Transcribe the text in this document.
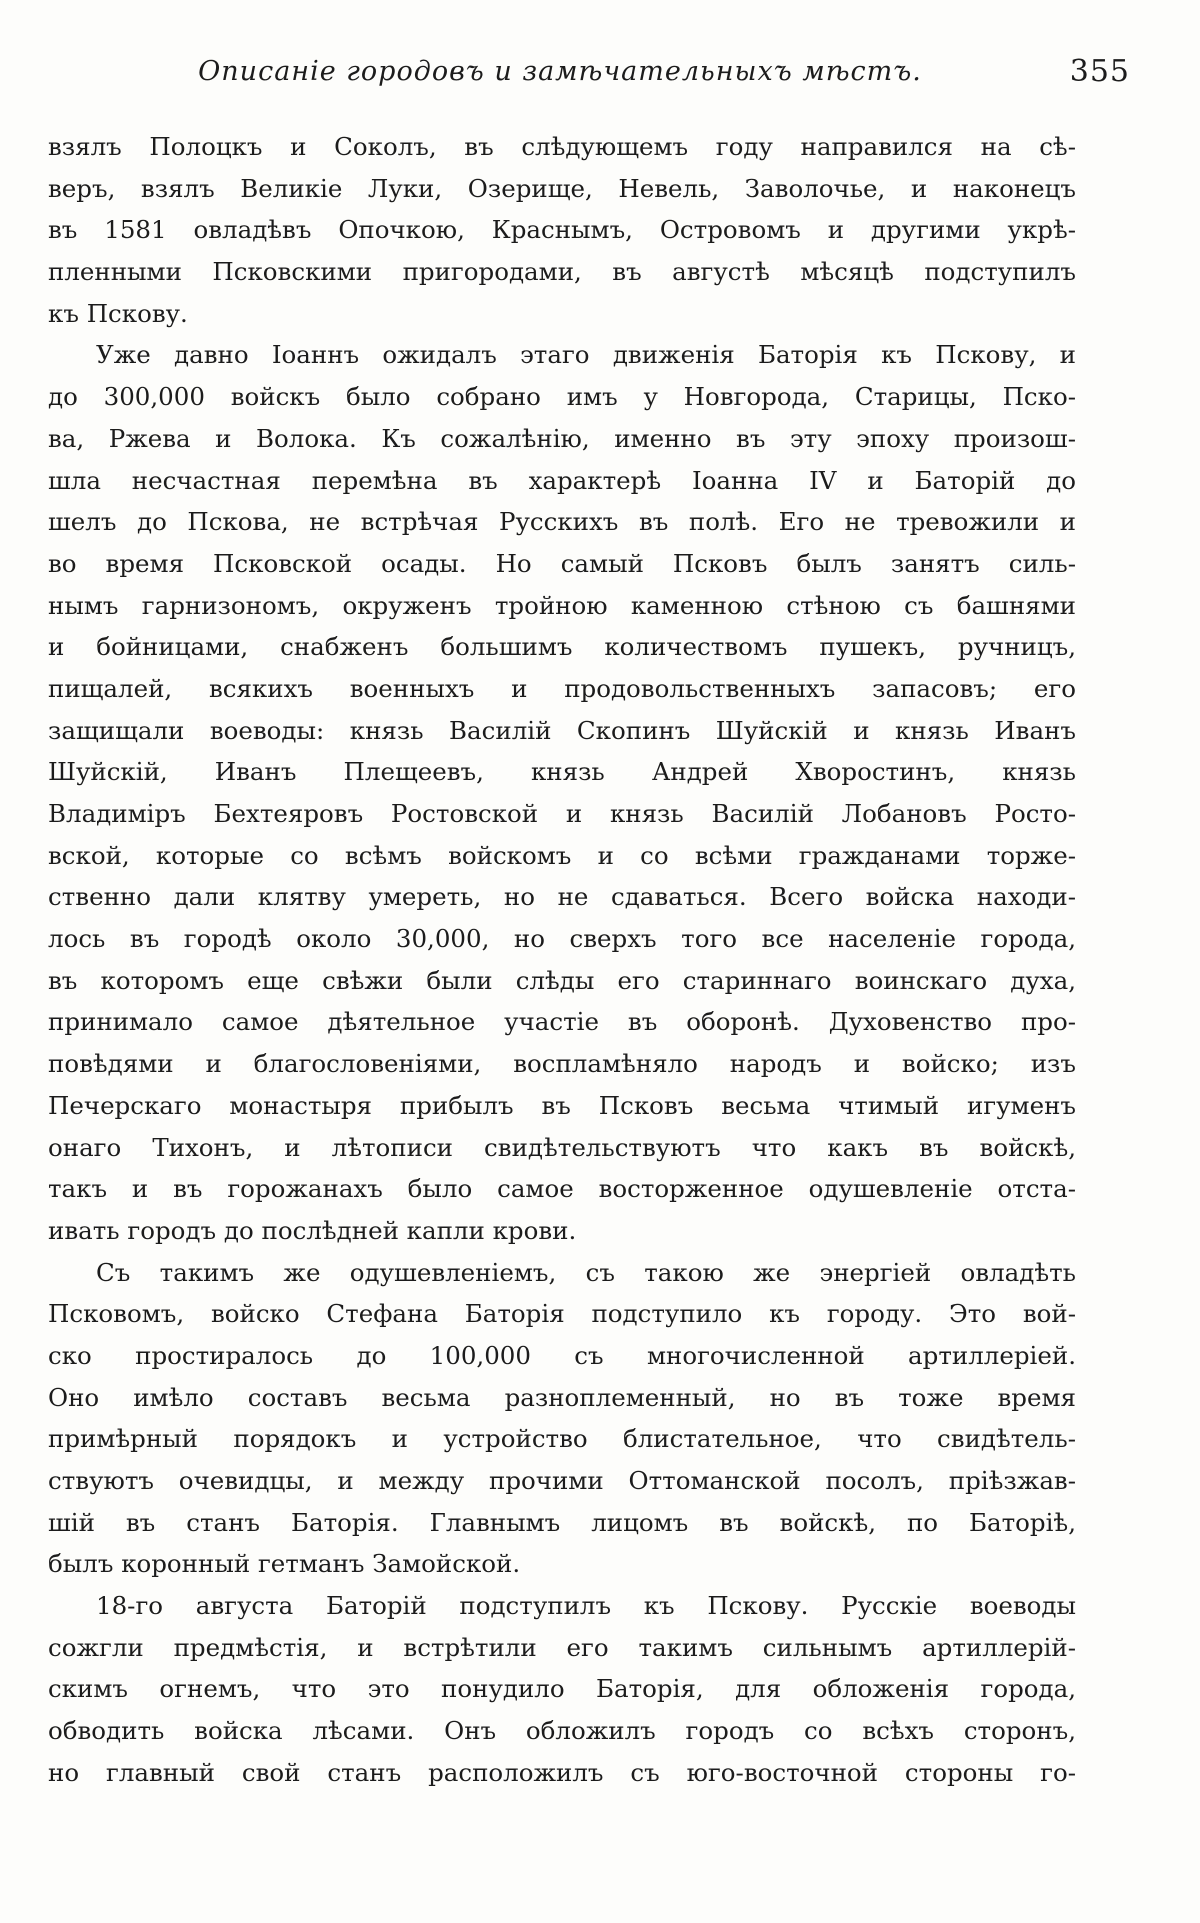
Описаніе городовъ и замѣчательныхъ мѣстъ.	355
взялъ Полоцкъ и Соколъ, въ слѣдующемъ году направился на сѣ-
веръ, взялъ Великіе Луки, Озерище, Невель, Заволочье, и наконецъ
въ 1581 овладѣвъ Опочкою, Краснымъ, Островомъ и другими укрѣ-
пленными Псковскими пригородами, въ августѣ мѣсяцѣ подступилъ
къ Пскову.
Уже давно Іоаннъ ожидалъ этаго движенія Баторія къ Пскову, и
до 300,000 войскъ было собрано имъ у Новгорода, Старицы, Пско-
ва, Ржева и Волока. Къ сожалѣнію, именно въ эту эпоху произош-
шла несчастная перемѣна въ характерѣ Іоанна IV и Баторій до
шелъ до Пскова, не встрѣчая Русскихъ въ полѣ. Его не тревожили и
во время Псковской осады. Но самый Псковъ былъ занятъ силь-
нымъ гарнизономъ, окруженъ тройною каменною стѣною съ башнями
и бойницами, снабженъ большимъ количествомъ пушекъ, ручницъ,
пищалей, всякихъ военныхъ и продовольственныхъ запасовъ; его
защищали воеводы: князь Василій Скопинъ Шуйскій и князь Иванъ
Шуйскій, Иванъ Плещеевъ, князь Андрей Хворостинъ, князь
Владиміръ Бехтеяровъ Ростовской и князь Василій Лобановъ Росто-
вской, которые со всѣмъ войскомъ и со всѣми гражданами торже-
ственно дали клятву умереть, но не сдаваться. Всего войска находи-
лось въ городѣ около 30,000, но сверхъ того все населеніе города,
въ которомъ еще свѣжи были слѣды его стариннаго воинскаго духа,
принимало самое дѣятельное участіе въ оборонѣ. Духовенство про-
повѣдями и благословеніями, воспламѣняло народъ и войско; изъ
Печерскаго монастыря прибылъ въ Псковъ весьма чтимый игуменъ
онаго Тихонъ, и лѣтописи свидѣтельствуютъ что какъ въ войскѣ,
такъ и въ горожанахъ было самое восторженное одушевленіе отста-
ивать городъ до послѣдней капли крови.
Съ такимъ же одушевленіемъ, съ такою же энергіей овладѣть
Псковомъ, войско Стефана Баторія подступило къ городу. Это вой-
ско простиралось до 100,000 съ многочисленной артиллеріей.
Оно имѣло составъ весьма разноплеменный, но въ тоже время
примѣрный порядокъ и устройство блистательное, что свидѣтель-
ствуютъ очевидцы, и между прочими Оттоманской посолъ, пріѣзжав-
шій въ станъ Баторія. Главнымъ лицомъ въ войскѣ, по Баторіѣ,
былъ коронный гетманъ Замойской.
18-го августа Баторій подступилъ къ Пскову. Русскіе воеводы
сожгли предмѣстія, и встрѣтили его такимъ сильнымъ артиллерій-
скимъ огнемъ, что это понудило Баторія, для обложенія города,
обводить войска лѣсами. Онъ обложилъ городъ со всѣхъ сторонъ,
но главный свой станъ расположилъ съ юго-восточной стороны го-
